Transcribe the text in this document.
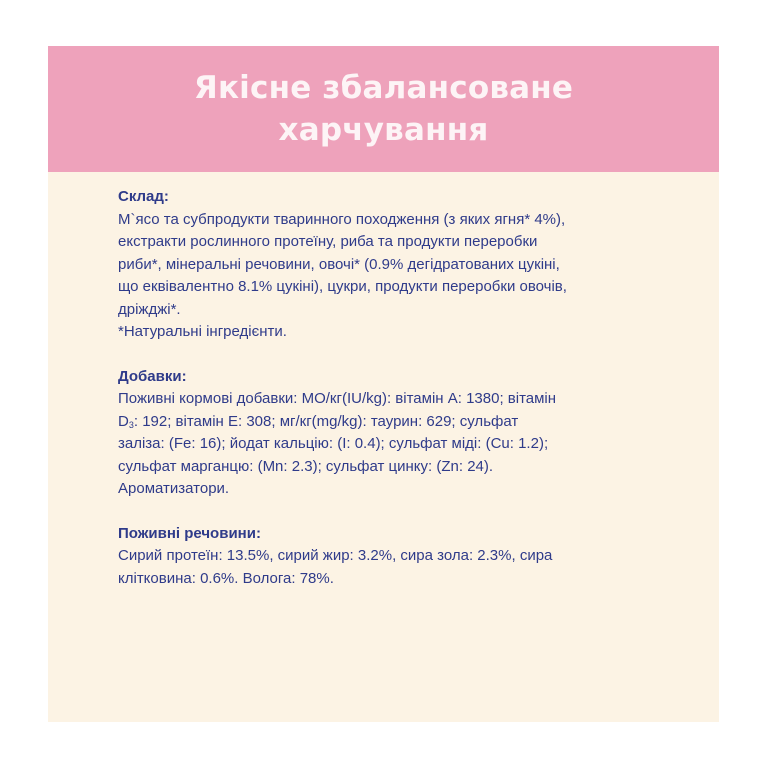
Якісне збалансоване
харчування
Склад:
М`ясо та субпродукти тваринного походження (з яких ягня* 4%),
екстракти рослинного протеїну, риба та продукти переробки
риби*, мінеральні речовини, овочі* (0.9% дегідратованих цукіні,
що еквівалентно 8.1% цукіні), цукри, продукти переробки овочів,
дріжджі*.
*Натуральні інгредієнти.
Добавки:
Поживні кормові добавки: МО/кг(IU/kg): вітамін А: 1380; вітамін
$D_3$: 192; вітамін Е: 308; мг/кг(mg/kg): таурин: 629; сульфат
заліза: (Fe: 16); йодат кальцію: (I: 0.4); сульфат міді: (Cu: 1.2);
сульфат марганцю: (Mn: 2.3); сульфат цинку: (Zn: 24).
Ароматизатори.
Поживні речовини:
Сирий протеїн: 13.5%, сирий жир: 3.2%, сира зола: 2.3%, сира
клітковина: 0.6%. Волога: 78%.
